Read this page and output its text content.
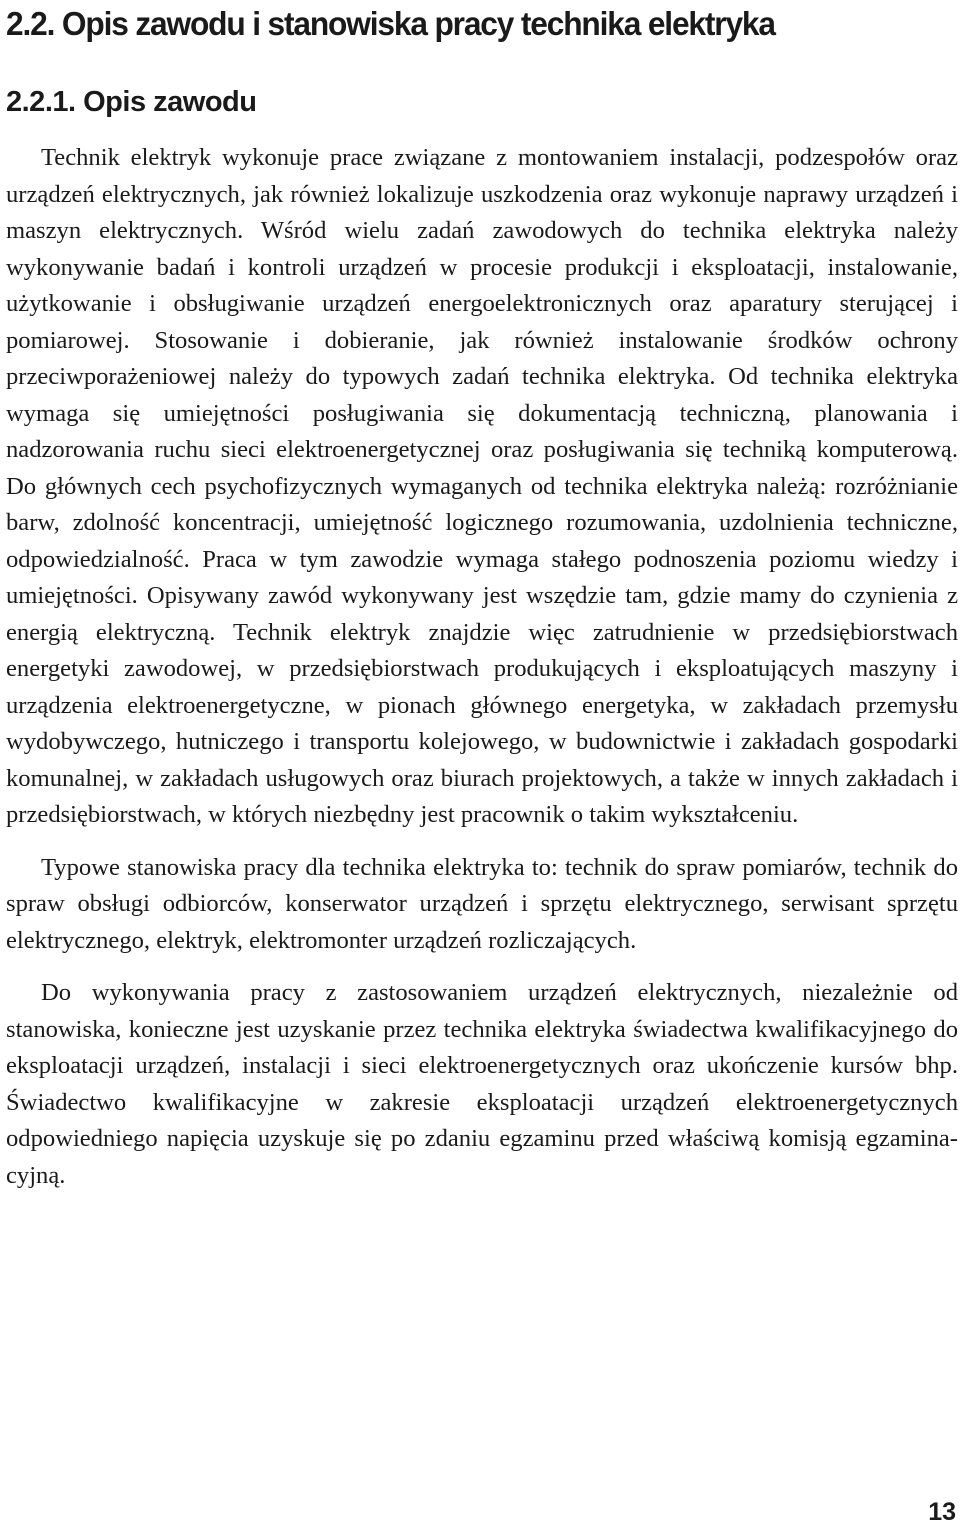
2.2. Opis zawodu i stanowiska pracy technika elektryka
2.2.1. Opis zawodu

Technik elektryk wykonuje prace związane z montowaniem instalacji, podzespołów oraz urządzeń elektrycznych, jak również lokalizuje uszkodzenia oraz wykonuje naprawy urządzeń i maszyn elektrycznych. Wśród wielu zadań zawodowych do technika elektryka należy wykonywanie badań i kontroli urządzeń w procesie produkcji i eksploatacji, instalowanie, użytkowanie i obsługiwanie urządzeń energoelektronicznych oraz aparatury sterującej i pomiarowej. Stosowanie i dobieranie, jak również instalowanie środków ochrony przeciwporażeniowej należy do typowych zadań technika elektryka. Od technika elektryka wymaga się umiejętności posługiwania się dokumentacją techniczną, planowania i nadzorowania ruchu sieci elektroenergetycznej oraz posługiwania się techniką komputerową. Do głównych cech psychofizycznych wymaganych od technika elektryka należą: rozróżnianie barw, zdolność koncentracji, umiejętność logicznego rozumowania, uzdolnienia techniczne, odpowiedzialność. Praca w tym zawodzie wymaga stałego podnoszenia poziomu wiedzy i umiejętności. Opisywany zawód wykonywany jest wszędzie tam, gdzie mamy do czynienia z energią elektryczną. Technik elektryk znajdzie więc zatrudnienie w przedsiębiorstwach energetyki zawodowej, w przedsiębiorstwach produkujących i eksploatujących maszyny i urządzenia elektroenergetyczne, w pionach głównego energetyka, w zakładach przemysłu wydobywczego, hutniczego i transportu kolejowego, w budownictwie i zakładach gospodarki komunalnej, w zakładach usługowych oraz biurach projektowych, a także w innych zakładach i przedsiębiorstwach, w których niezbędny jest pracownik o takim wykształceniu.

Typowe stanowiska pracy dla technika elektryka to: technik do spraw pomiarów, technik do spraw obsługi odbiorców, konserwator urządzeń i sprzętu elektrycznego, serwisant sprzętu elektrycznego, elektryk, elektromonter urządzeń rozliczających.

Do wykonywania pracy z zastosowaniem urządzeń elektrycznych, niezależnie od stanowiska, konieczne jest uzyskanie przez technika elektryka świadectwa kwalifikacyjnego do eksploatacji urządzeń, instalacji i sieci elektroenergetycznych oraz ukończenie kursów bhp. Świadectwo kwalifikacyjne w zakresie eksploatacji urządzeń elektroenergetycznych odpowiedniego napięcia uzyskuje się po zdaniu egzaminu przed właściwą komisją egzaminacyjną.

13
